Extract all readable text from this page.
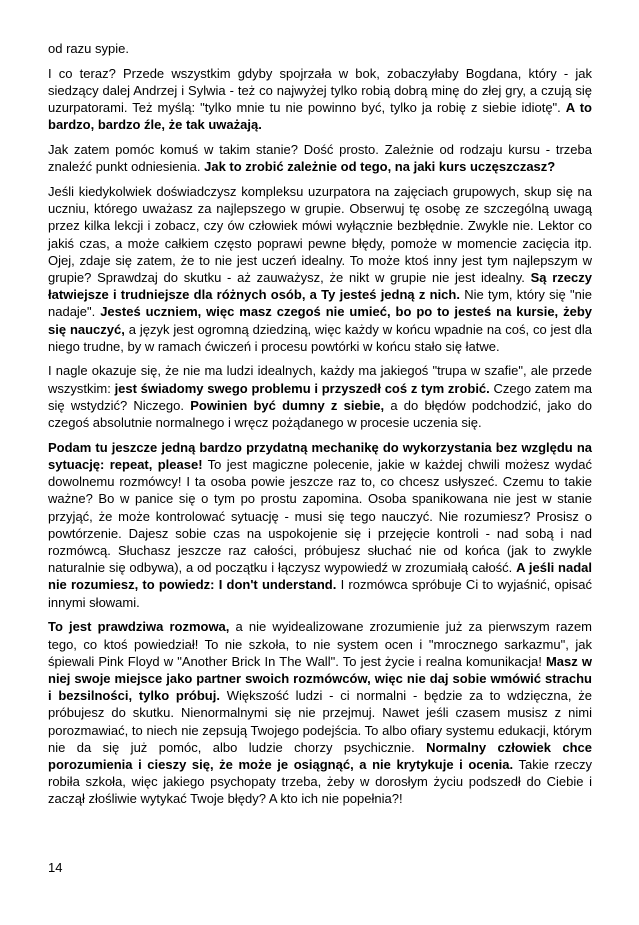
od razu sypie.

I co teraz? Przede wszystkim gdyby spojrzała w bok, zobaczyłaby Bogdana, który - jak siedzący dalej Andrzej i Sylwia - też co najwyżej tylko robią dobrą minę do złej gry, a czują się uzurpatorami. Też myślą: "tylko mnie tu nie powinno być, tylko ja robię z siebie idiotę". A to bardzo, bardzo źle, że tak uważają.

Jak zatem pomóc komuś w takim stanie? Dość prosto. Zależnie od rodzaju kursu - trzeba znaleźć punkt odniesienia. Jak to zrobić zależnie od tego, na jaki kurs uczęszczasz?

Jeśli kiedykolwiek doświadczysz kompleksu uzurpatora na zajęciach grupowych, skup się na uczniu, którego uważasz za najlepszego w grupie. Obserwuj tę osobę ze szczególną uwagą przez kilka lekcji i zobacz, czy ów człowiek mówi wyłącznie bezbłędnie. Zwykle nie. Lektor co jakiś czas, a może całkiem często poprawi pewne błędy, pomoże w momencie zacięcia itp. Ojej, zdaje się zatem, że to nie jest uczeń idealny. To może ktoś inny jest tym najlepszym w grupie? Sprawdzaj do skutku - aż zauważysz, że nikt w grupie nie jest idealny. Są rzeczy łatwiejsze i trudniejsze dla różnych osób, a Ty jesteś jedną z nich. Nie tym, który się "nie nadaje". Jesteś uczniem, więc masz czegoś nie umieć, bo po to jesteś na kursie, żeby się nauczyć, a język jest ogromną dziedziną, więc każdy w końcu wpadnie na coś, co jest dla niego trudne, by w ramach ćwiczeń i procesu powtórki w końcu stało się łatwe.

I nagle okazuje się, że nie ma ludzi idealnych, każdy ma jakiegoś "trupa w szafie", ale przede wszystkim: jest świadomy swego problemu i przyszedł coś z tym zrobić. Czego zatem ma się wstydzić? Niczego. Powinien być dumny z siebie, a do błędów podchodzić, jako do czegoś absolutnie normalnego i wręcz pożądanego w procesie uczenia się.

Podam tu jeszcze jedną bardzo przydatną mechanikę do wykorzystania bez względu na sytuację: repeat, please! To jest magiczne polecenie, jakie w każdej chwili możesz wydać dowolnemu rozmówcy! I ta osoba powie jeszcze raz to, co chcesz usłyszeć. Czemu to takie ważne? Bo w panice się o tym po prostu zapomina. Osoba spanikowana nie jest w stanie przyjąć, że może kontrolować sytuację - musi się tego nauczyć. Nie rozumiesz? Prosisz o powtórzenie. Dajesz sobie czas na uspokojenie się i przejęcie kontroli - nad sobą i nad rozmówcą. Słuchasz jeszcze raz całości, próbujesz słuchać nie od końca (jak to zwykle naturalnie się odbywa), a od początku i łączysz wypowiedź w zrozumiałą całość. A jeśli nadal nie rozumiesz, to powiedz: I don't understand. I rozmówca spróbuje Ci to wyjaśnić, opisać innymi słowami.

To jest prawdziwa rozmowa, a nie wyidealizowane zrozumienie już za pierwszym razem tego, co ktoś powiedział! To nie szkoła, to nie system ocen i "mrocznego sarkazmu", jak śpiewali Pink Floyd w "Another Brick In The Wall". To jest życie i realna komunikacja! Masz w niej swoje miejsce jako partner swoich rozmówców, więc nie daj sobie wmówić strachu i bezsilności, tylko próbuj. Większość ludzi - ci normalni - będzie za to wdzięczna, że próbujesz do skutku. Nienormalnymi się nie przejmuj. Nawet jeśli czasem musisz z nimi porozmawiać, to niech nie zepsują Twojego podejścia. To albo ofiary systemu edukacji, którym nie da się już pomóc, albo ludzie chorzy psychicznie. Normalny człowiek chce porozumienia i cieszy się, że może je osiągnąć, a nie krytykuje i ocenia. Takie rzeczy robiła szkoła, więc jakiego psychopaty trzeba, żeby w dorosłym życiu podszedł do Ciebie i zaczął złośliwie wytykać Twoje błędy? A kto ich nie popełnia?!

14
